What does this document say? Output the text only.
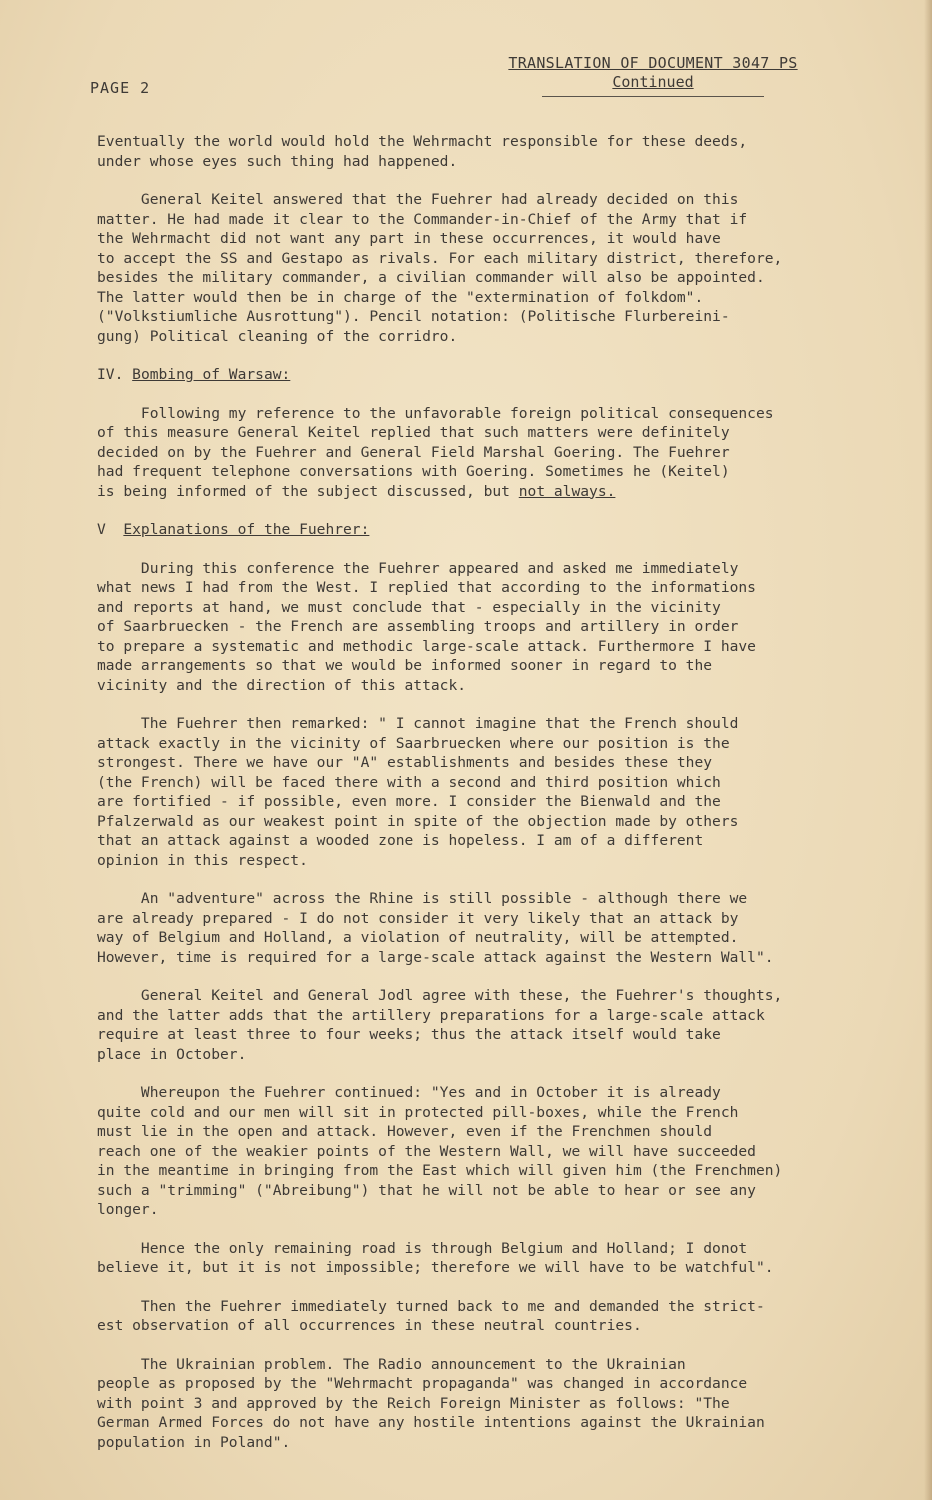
PAGE 2
TRANSLATION OF DOCUMENT 3047 PS
Continued
Eventually the world would hold the Wehrmacht responsible for these deeds,
under whose eyes such thing had happened.
General Keitel answered that the Fuehrer had already decided on this
matter. He had made it clear to the Commander-in-Chief of the Army that if
the Wehrmacht did not want any part in these occurrences, it would have
to accept the SS and Gestapo as rivals. For each military district, therefore,
besides the military commander, a civilian commander will also be appointed.
The latter would then be in charge of the "extermination of folkdom".
("Volkstiumliche Ausrottung"). Pencil notation: (Politische Flurbereini-
gung) Political cleaning of the corridro.
IV. Bombing of Warsaw:
Following my reference to the unfavorable foreign political consequences
of this measure General Keitel replied that such matters were definitely
decided on by the Fuehrer and General Field Marshal Goering. The Fuehrer
had frequent telephone conversations with Goering. Sometimes he (Keitel)
is being informed of the subject discussed, but not always.
V  Explanations of the Fuehrer:
During this conference the Fuehrer appeared and asked me immediately
what news I had from the West. I replied that according to the informations
and reports at hand, we must conclude that - especially in the vicinity
of Saarbruecken - the French are assembling troops and artillery in order
to prepare a systematic and methodic large-scale attack. Furthermore I have
made arrangements so that we would be informed sooner in regard to the
vicinity and the direction of this attack.
The Fuehrer then remarked: " I cannot imagine that the French should
attack exactly in the vicinity of Saarbruecken where our position is the
strongest. There we have our "A" establishments and besides these they
(the French) will be faced there with a second and third position which
are fortified - if possible, even more. I consider the Bienwald and the
Pfalzerwald as our weakest point in spite of the objection made by others
that an attack against a wooded zone is hopeless. I am of a different
opinion in this respect.
An "adventure" across the Rhine is still possible - although there we
are already prepared - I do not consider it very likely that an attack by
way of Belgium and Holland, a violation of neutrality, will be attempted.
However, time is required for a large-scale attack against the Western Wall".
General Keitel and General Jodl agree with these, the Fuehrer's thoughts,
and the latter adds that the artillery preparations for a large-scale attack
require at least three to four weeks; thus the attack itself would take
place in October.
Whereupon the Fuehrer continued: "Yes and in October it is already
quite cold and our men will sit in protected pill-boxes, while the French
must lie in the open and attack. However, even if the Frenchmen should
reach one of the weakier points of the Western Wall, we will have succeeded
in the meantime in bringing from the East which will given him (the Frenchmen)
such a "trimming" ("Abreibung") that he will not be able to hear or see any
longer.
Hence the only remaining road is through Belgium and Holland; I donot
believe it, but it is not impossible; therefore we will have to be watchful".
Then the Fuehrer immediately turned back to me and demanded the strict-
est observation of all occurrences in these neutral countries.
The Ukrainian problem. The Radio announcement to the Ukrainian
people as proposed by the "Wehrmacht propaganda" was changed in accordance
with point 3 and approved by the Reich Foreign Minister as follows: "The
German Armed Forces do not have any hostile intentions against the Ukrainian
population in Poland".
